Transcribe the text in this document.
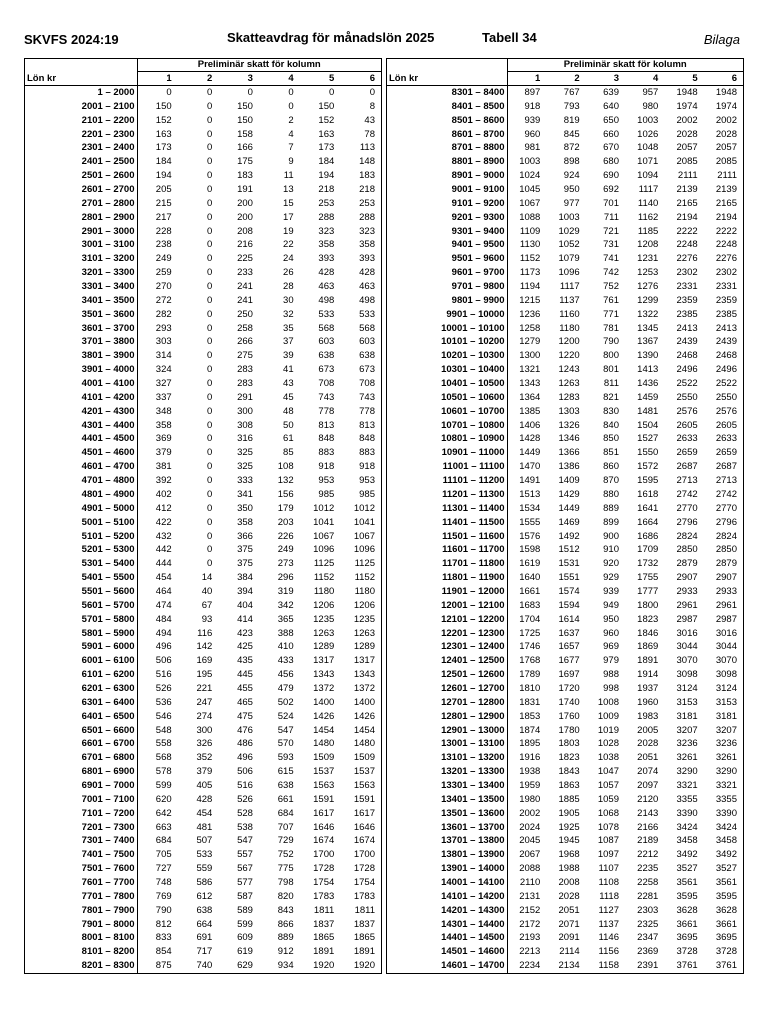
SKVFS 2024:19	Skatteavdrag för månadslön 2025	Tabell 34	Bilaga
	Preliminär skatt för kolumn					
Lön kr	1	2	3	4	5	6
1 – 2000	0	0	0	0	0	0
2001 – 2100	150	0	150	0	150	8
2101 – 2200	152	0	150	2	152	43
2201 – 2300	163	0	158	4	163	78
2301 – 2400	173	0	166	7	173	113
2401 – 2500	184	0	175	9	184	148
2501 – 2600	194	0	183	11	194	183
2601 – 2700	205	0	191	13	218	218
2701 – 2800	215	0	200	15	253	253
2801 – 2900	217	0	200	17	288	288
2901 – 3000	228	0	208	19	323	323
3001 – 3100	238	0	216	22	358	358
3101 – 3200	249	0	225	24	393	393
3201 – 3300	259	0	233	26	428	428
3301 – 3400	270	0	241	28	463	463
3401 – 3500	272	0	241	30	498	498
3501 – 3600	282	0	250	32	533	533
3601 – 3700	293	0	258	35	568	568
3701 – 3800	303	0	266	37	603	603
3801 – 3900	314	0	275	39	638	638
3901 – 4000	324	0	283	41	673	673
4001 – 4100	327	0	283	43	708	708
4101 – 4200	337	0	291	45	743	743
4201 – 4300	348	0	300	48	778	778
4301 – 4400	358	0	308	50	813	813
4401 – 4500	369	0	316	61	848	848
4501 – 4600	379	0	325	85	883	883
4601 – 4700	381	0	325	108	918	918
4701 – 4800	392	0	333	132	953	953
4801 – 4900	402	0	341	156	985	985
4901 – 5000	412	0	350	179	1012	1012
5001 – 5100	422	0	358	203	1041	1041
5101 – 5200	432	0	366	226	1067	1067
5201 – 5300	442	0	375	249	1096	1096
5301 – 5400	444	0	375	273	1125	1125
5401 – 5500	454	14	384	296	1152	1152
5501 – 5600	464	40	394	319	1180	1180
5601 – 5700	474	67	404	342	1206	1206
5701 – 5800	484	93	414	365	1235	1235
5801 – 5900	494	116	423	388	1263	1263
5901 – 6000	496	142	425	410	1289	1289
6001 – 6100	506	169	435	433	1317	1317
6101 – 6200	516	195	445	456	1343	1343
6201 – 6300	526	221	455	479	1372	1372
6301 – 6400	536	247	465	502	1400	1400
6401 – 6500	546	274	475	524	1426	1426
6501 – 6600	548	300	476	547	1454	1454
6601 – 6700	558	326	486	570	1480	1480
6701 – 6800	568	352	496	593	1509	1509
6801 – 6900	578	379	506	615	1537	1537
6901 – 7000	599	405	516	638	1563	1563
7001 – 7100	620	428	526	661	1591	1591
7101 – 7200	642	454	528	684	1617	1617
7201 – 7300	663	481	538	707	1646	1646
7301 – 7400	684	507	547	729	1674	1674
7401 – 7500	705	533	557	752	1700	1700
7501 – 7600	727	559	567	775	1728	1728
7601 – 7700	748	586	577	798	1754	1754
7701 – 7800	769	612	587	820	1783	1783
7801 – 7900	790	638	589	843	1811	1811
7901 – 8000	812	664	599	866	1837	1837
8001 – 8100	833	691	609	889	1865	1865
8101 – 8200	854	717	619	912	1891	1891
8201 – 8300	875	740	629	934	1920	1920
	Preliminär skatt för kolumn					
Lön kr	1	2	3	4	5	6
8301 – 8400	897	767	639	957	1948	1948
8401 – 8500	918	793	640	980	1974	1974
8501 – 8600	939	819	650	1003	2002	2002
8601 – 8700	960	845	660	1026	2028	2028
8701 – 8800	981	872	670	1048	2057	2057
8801 – 8900	1003	898	680	1071	2085	2085
8901 – 9000	1024	924	690	1094	2111	2111
9001 – 9100	1045	950	692	1117	2139	2139
9101 – 9200	1067	977	701	1140	2165	2165
9201 – 9300	1088	1003	711	1162	2194	2194
9301 – 9400	1109	1029	721	1185	2222	2222
9401 – 9500	1130	1052	731	1208	2248	2248
9501 – 9600	1152	1079	741	1231	2276	2276
9601 – 9700	1173	1096	742	1253	2302	2302
9701 – 9800	1194	1117	752	1276	2331	2331
9801 – 9900	1215	1137	761	1299	2359	2359
9901 – 10000	1236	1160	771	1322	2385	2385
10001 – 10100	1258	1180	781	1345	2413	2413
10101 – 10200	1279	1200	790	1367	2439	2439
10201 – 10300	1300	1220	800	1390	2468	2468
10301 – 10400	1321	1243	801	1413	2496	2496
10401 – 10500	1343	1263	811	1436	2522	2522
10501 – 10600	1364	1283	821	1459	2550	2550
10601 – 10700	1385	1303	830	1481	2576	2576
10701 – 10800	1406	1326	840	1504	2605	2605
10801 – 10900	1428	1346	850	1527	2633	2633
10901 – 11000	1449	1366	851	1550	2659	2659
11001 – 11100	1470	1386	860	1572	2687	2687
11101 – 11200	1491	1409	870	1595	2713	2713
11201 – 11300	1513	1429	880	1618	2742	2742
11301 – 11400	1534	1449	889	1641	2770	2770
11401 – 11500	1555	1469	899	1664	2796	2796
11501 – 11600	1576	1492	900	1686	2824	2824
11601 – 11700	1598	1512	910	1709	2850	2850
11701 – 11800	1619	1531	920	1732	2879	2879
11801 – 11900	1640	1551	929	1755	2907	2907
11901 – 12000	1661	1574	939	1777	2933	2933
12001 – 12100	1683	1594	949	1800	2961	2961
12101 – 12200	1704	1614	950	1823	2987	2987
12201 – 12300	1725	1637	960	1846	3016	3016
12301 – 12400	1746	1657	969	1869	3044	3044
12401 – 12500	1768	1677	979	1891	3070	3070
12501 – 12600	1789	1697	988	1914	3098	3098
12601 – 12700	1810	1720	998	1937	3124	3124
12701 – 12800	1831	1740	1008	1960	3153	3153
12801 – 12900	1853	1760	1009	1983	3181	3181
12901 – 13000	1874	1780	1019	2005	3207	3207
13001 – 13100	1895	1803	1028	2028	3236	3236
13101 – 13200	1916	1823	1038	2051	3261	3261
13201 – 13300	1938	1843	1047	2074	3290	3290
13301 – 13400	1959	1863	1057	2097	3321	3321
13401 – 13500	1980	1885	1059	2120	3355	3355
13501 – 13600	2002	1905	1068	2143	3390	3390
13601 – 13700	2024	1925	1078	2166	3424	3424
13701 – 13800	2045	1945	1087	2189	3458	3458
13801 – 13900	2067	1968	1097	2212	3492	3492
13901 – 14000	2088	1988	1107	2235	3527	3527
14001 – 14100	2110	2008	1108	2258	3561	3561
14101 – 14200	2131	2028	1118	2281	3595	3595
14201 – 14300	2152	2051	1127	2303	3628	3628
14301 – 14400	2172	2071	1137	2325	3661	3661
14401 – 14500	2193	2091	1146	2347	3695	3695
14501 – 14600	2213	2114	1156	2369	3728	3728
14601 – 14700	2234	2134	1158	2391	3761	3761
